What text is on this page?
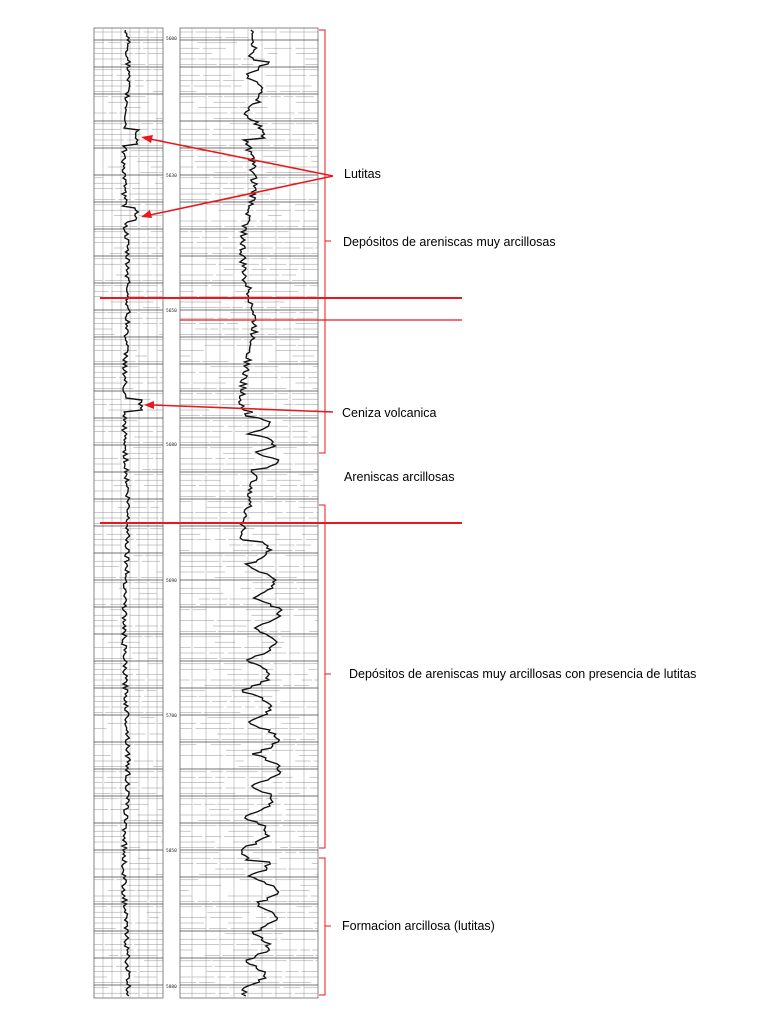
5600
5630
5650
5680
5690
5700
5850
5880
Lutitas
Depósitos de areniscas muy arcillosas
Ceniza volcanica
Areniscas arcillosas
Depósitos de areniscas muy arcillosas con presencia de lutitas
Formacion arcillosa (lutitas)
